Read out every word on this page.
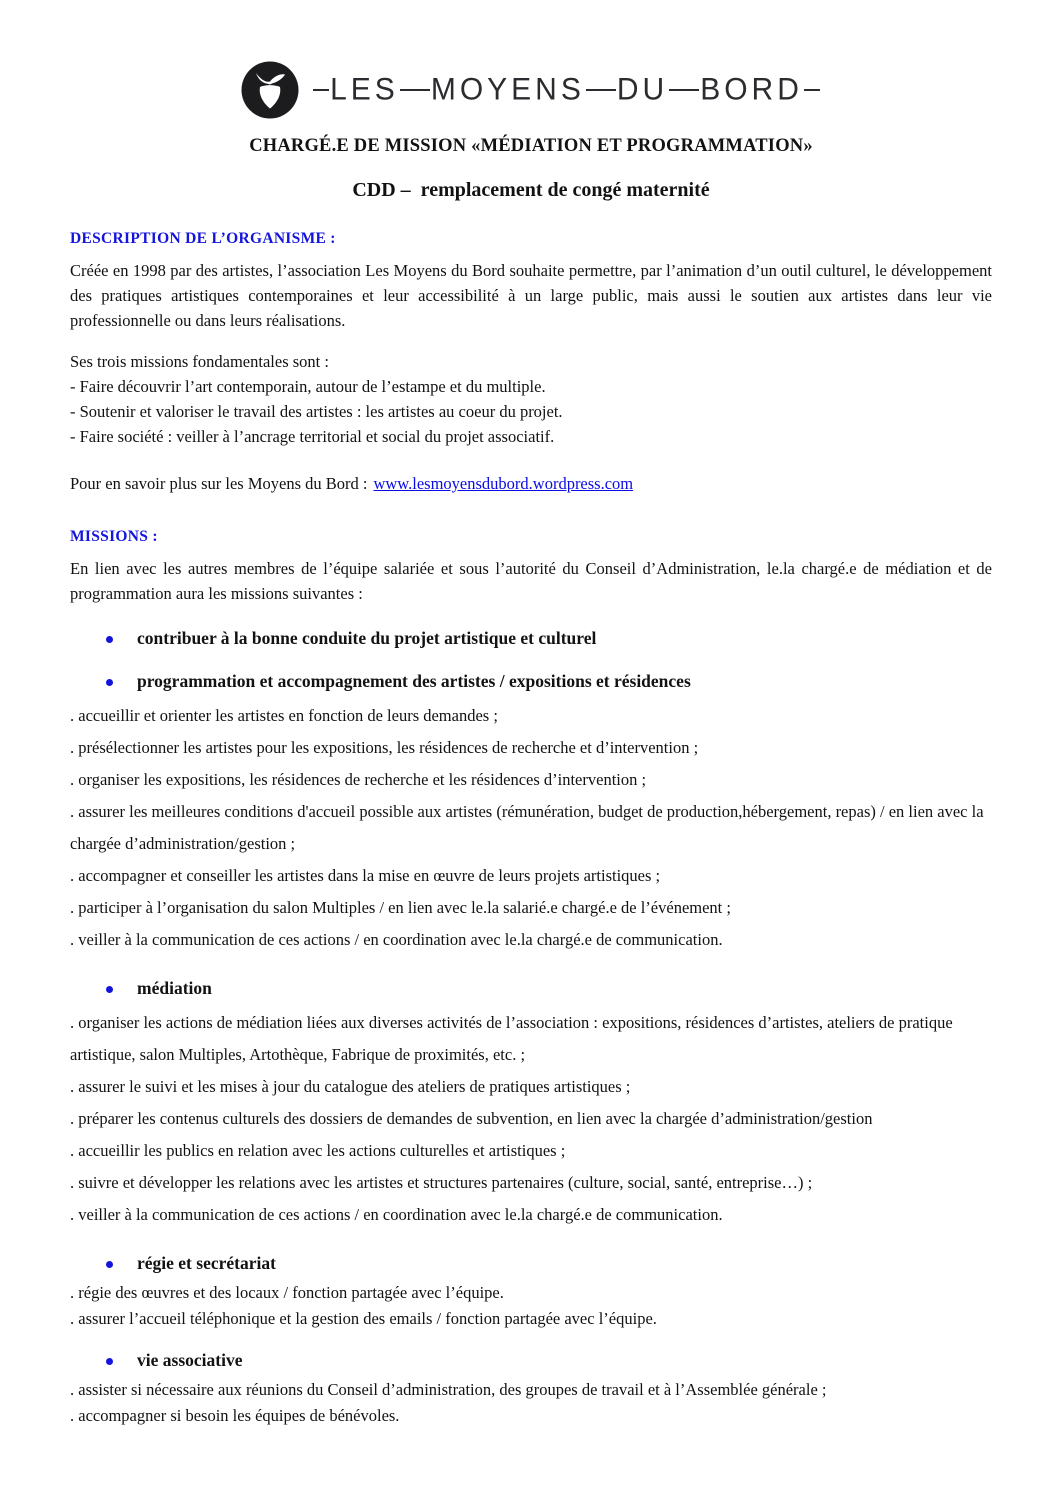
LES MOYENS DU BORD
CHARGÉ.E DE MISSION «MÉDIATION ET PROGRAMMATION»
CDD –  remplacement de congé maternité
DESCRIPTION DE L’ORGANISME :

Créée en 1998 par des artistes, l’association Les Moyens du Bord souhaite permettre, par l’animation d’un outil culturel, le développement des pratiques artistiques contemporaines et leur accessibilité à un large public, mais aussi le soutien aux artistes dans leur vie professionnelle ou dans leurs réalisations.

Ses trois missions fondamentales sont :

- Faire découvrir l’art contemporain, autour de l’estampe et du multiple.

- Soutenir et valoriser le travail des artistes : les artistes au coeur du projet.

- Faire société : veiller à l’ancrage territorial et social du projet associatif.

Pour en savoir plus sur les Moyens du Bord : www.lesmoyensdubord.wordpress.com

MISSIONS :

En lien avec les autres membres de l’équipe salariée et sous l’autorité du Conseil d’Administration, le.la chargé.e de médiation et de programmation aura les missions suivantes :

contribuer à la bonne conduite du projet artistique et culturel
programmation et accompagnement des artistes / expositions et résidences

. accueillir et orienter les artistes en fonction de leurs demandes ;

. présélectionner les artistes pour les expositions, les résidences de recherche et d’intervention ;

. organiser les expositions, les résidences de recherche et les résidences d’intervention ;

. assurer les meilleures conditions d'accueil possible aux artistes (rémunération, budget de production,hébergement, repas) / en lien avec la chargée d’administration/gestion ;

. accompagner et conseiller les artistes dans la mise en œuvre de leurs projets artistiques ;

. participer à l’organisation du salon Multiples / en lien avec le.la salarié.e chargé.e de l’événement ;

. veiller à la communication de ces actions / en coordination avec le.la chargé.e de communication.

médiation

. organiser les actions de médiation liées aux diverses activités de l’association : expositions, résidences d’artistes, ateliers de pratique artistique, salon Multiples, Artothèque, Fabrique de proximités, etc. ;

. assurer le suivi et les mises à jour du catalogue des ateliers de pratiques artistiques ;

. préparer les contenus culturels des dossiers de demandes de subvention, en lien avec la chargée d’administration/gestion

. accueillir les publics en relation avec les actions culturelles et artistiques ;

. suivre et développer les relations avec les artistes et structures partenaires (culture, social, santé, entreprise…) ;

. veiller à la communication de ces actions / en coordination avec le.la chargé.e de communication.

régie et secrétariat

. régie des œuvres et des locaux / fonction partagée avec l’équipe.

. assurer l’accueil téléphonique et la gestion des emails / fonction partagée avec l’équipe.

vie associative

. assister si nécessaire aux réunions du Conseil d’administration, des groupes de travail et à l’Assemblée générale ;

. accompagner si besoin les équipes de bénévoles.
